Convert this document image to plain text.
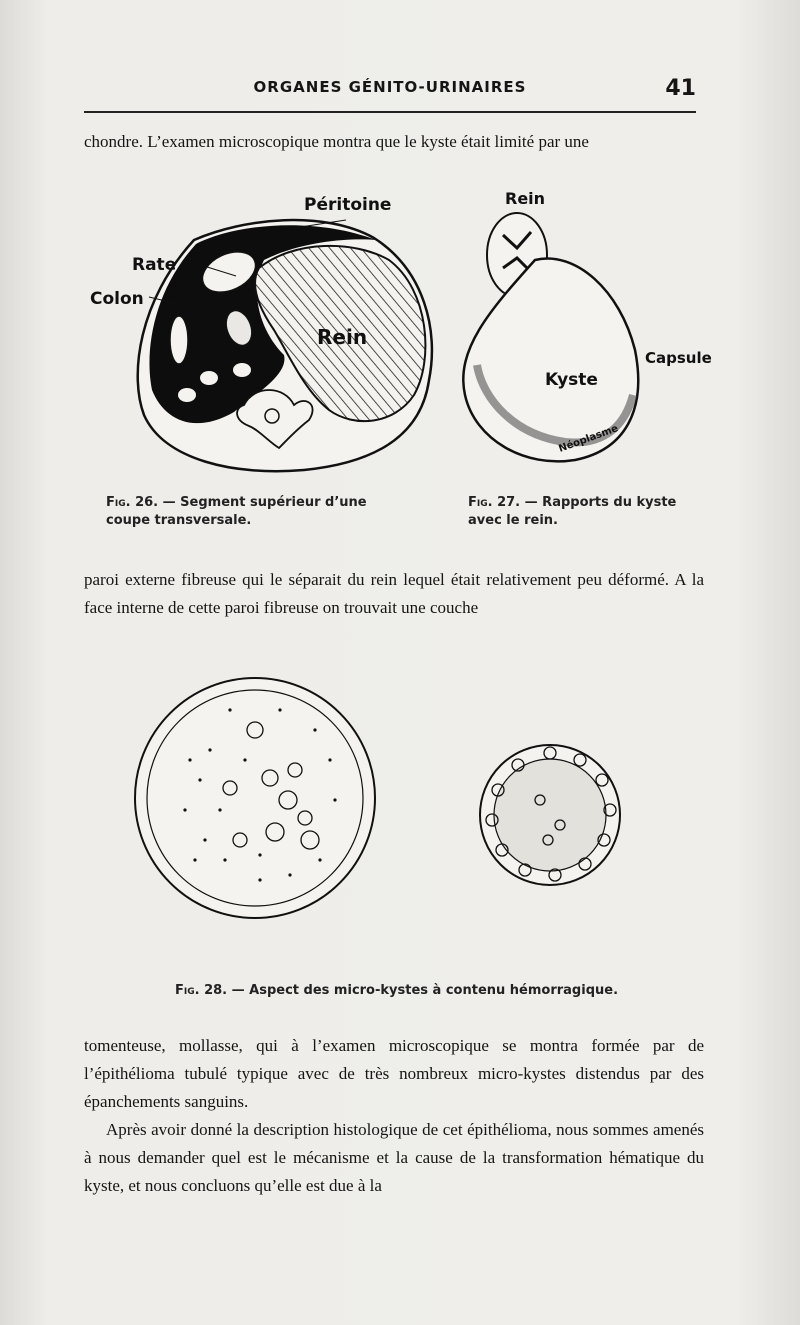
ORGANES GÉNITO-URINAIRES	41

chondre. L’examen microscopique montra que le kyste était limité par une

Péritoine
Rate
Colon
Rein
Rein
Capsule
Kyste
Néoplasme
Fig. 26. — Segment supérieur d’une coupe transversale.
Fig. 27. — Rapports du kyste avec le rein.

paroi externe fibreuse qui le séparait du rein lequel était relativement peu déformé. A la face interne de cette paroi fibreuse on trouvait une couche

Fig. 28. — Aspect des micro-kystes à contenu hémorragique.

tomenteuse, mollasse, qui à l’examen microscopique se montra formée par de l’épithélioma tubulé typique avec de très nombreux micro-kystes distendus par des épanchements sanguins.

Après avoir donné la description histologique de cet épithélioma, nous sommes amenés à nous demander quel est le mécanisme et la cause de la transformation hématique du kyste, et nous concluons qu’elle est due à la
